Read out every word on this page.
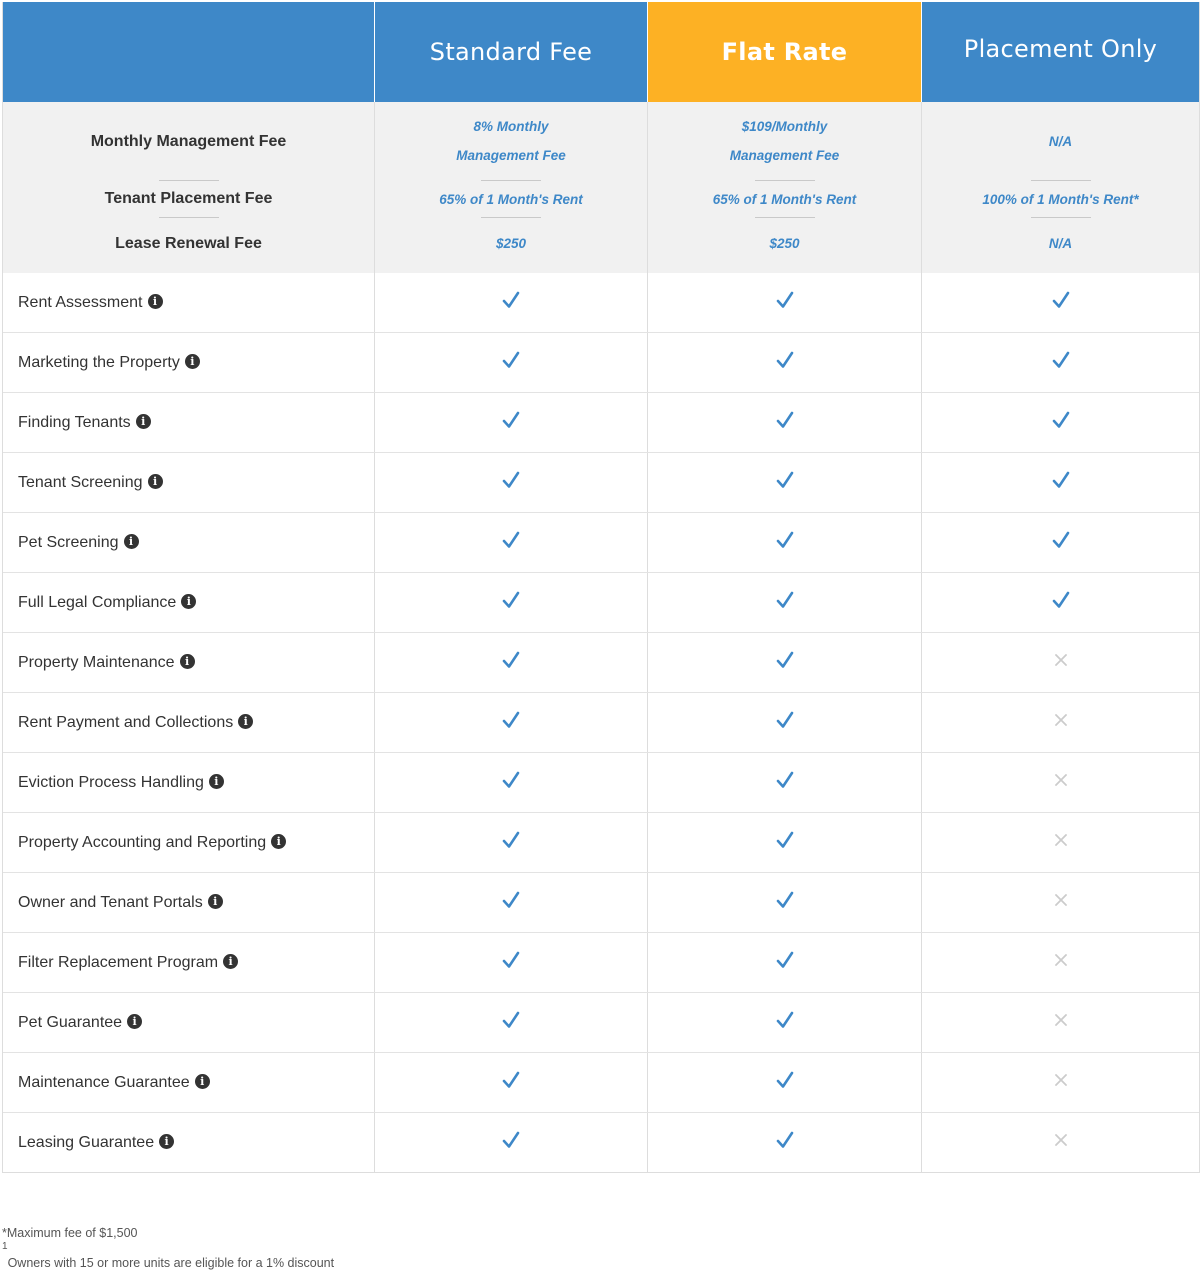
Standard Fee	Flat Rate	Placement Only
Monthly Management Fee
Tenant Placement Fee
Lease Renewal Fee
8% Monthly
Management Fee
65% of 1 Month's Rent
$250
$109/Monthly
Management Fee
65% of 1 Month's Rent
$250
N/A
100% of 1 Month's Rent*
N/A
Rent Assessment i
Marketing the Property i
Finding Tenants i
Tenant Screening i
Pet Screening i
Full Legal Compliance i
Property Maintenance i
Rent Payment and Collections i
Eviction Process Handling i
Property Accounting and Reporting i
Owner and Tenant Portals i
Filter Replacement Program i
Pet Guarantee i
Maintenance Guarantee i
Leasing Guarantee i
*Maximum fee of $1,500
$^1$Owners with 15 or more units are eligible for a 1% discount
